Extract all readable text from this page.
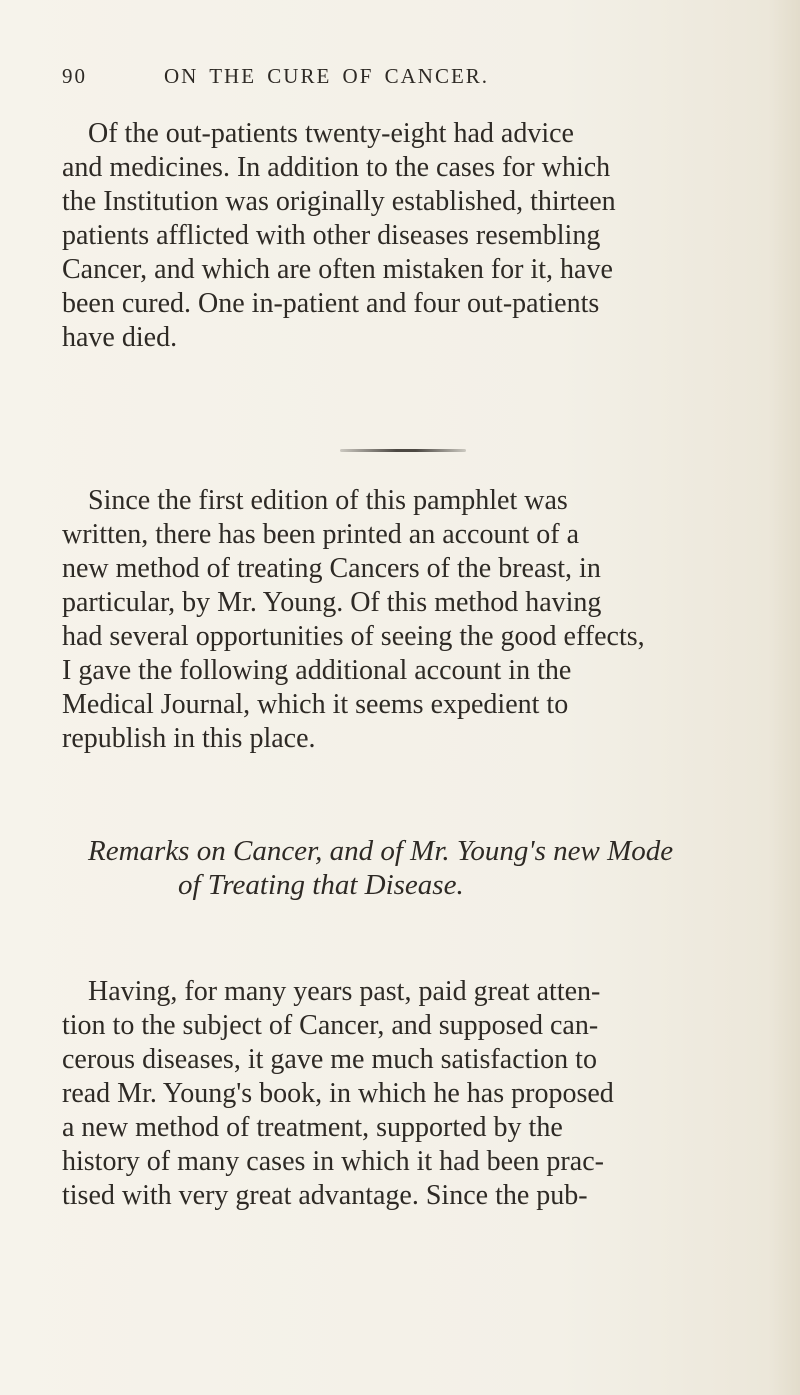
90	ON THE CURE OF CANCER.
Of the out-patients twenty-eight had advice
and medicines. In addition to the cases for which
the Institution was originally established, thirteen
patients afflicted with other diseases resembling
Cancer, and which are often mistaken for it, have
been cured. One in-patient and four out-patients
have died.
Since the first edition of this pamphlet was
written, there has been printed an account of a
new method of treating Cancers of the breast, in
particular, by Mr. Young. Of this method having
had several opportunities of seeing the good effects,
I gave the following additional account in the
Medical Journal, which it seems expedient to
republish in this place.
Remarks on Cancer, and of Mr. Young's new Mode
of Treating that Disease.
Having, for many years past, paid great atten-
tion to the subject of Cancer, and supposed can-
cerous diseases, it gave me much satisfaction to
read Mr. Young's book, in which he has proposed
a new method of treatment, supported by the
history of many cases in which it had been prac-
tised with very great advantage. Since the pub-
